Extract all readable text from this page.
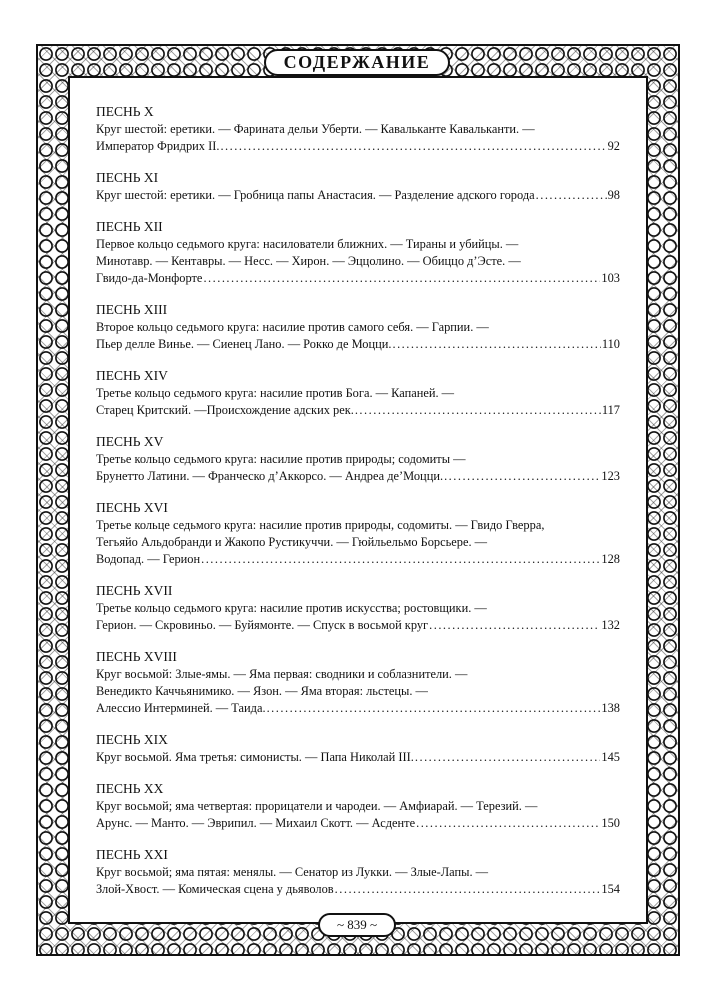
СОДЕРЖАНИЕ
ПЕСНЬ X
Круг шестой: еретики. — Фарината дельи Уберти. — Кавальканте Кавальканти. —
Император Фридрих II. .....	92
ПЕСНЬ XI
Круг шестой: еретики. — Гробница папы Анастасия. — Разделение адского города .....	98
ПЕСНЬ XII
Первое кольцо седьмого круга: насилователи ближних. — Тираны и убийцы. —
Минотавр. — Кентавры. — Несс. — Хирон. — Эццолино. — Обиццо д’Эсте. —
Гвидо-да-Монфорте .....	103
ПЕСНЬ XIII
Второе кольцо седьмого круга: насилие против самого себя. — Гарпии. —
Пьер делле Винье. — Сиенец Лано. — Рокко де Моцци. .....	110
ПЕСНЬ XIV
Третье кольцо седьмого круга: насилие против Бога. — Капаней. —
Старец Критский. —Происхождение адских рек. .....	117
ПЕСНЬ XV
Третье кольцо седьмого круга: насилие против природы; содомиты —
Брунетто Латини. — Франческо д’Аккорсо. — Андреа де’Моцци. .....	123
ПЕСНЬ XVI
Третье кольце седьмого круга: насилие против природы, содомиты. — Гвидо Гверра,
Тегьяйо Альдобранди и Жакопо Рустикуччи. — Гюйльельмо Борсьере. —
Водопад. — Герион .....	128
ПЕСНЬ XVII
Третье кольцо седьмого круга: насилие против искусства; ростовщики. —
Герион. — Скровиньо. — Буйямонте. — Спуск в восьмой круг .....	132
ПЕСНЬ XVIII
Круг восьмой: Злые-ямы. — Яма первая: сводники и соблазнители. —
Венедикто Каччьянимико. — Язон. — Яма вторая: льстецы. —
Алессио Интерминей. — Таида. .....	138
ПЕСНЬ XIX
Круг восьмой. Яма третья: симонисты. — Папа Николай III. .....	145
ПЕСНЬ XX
Круг восьмой; яма четвертая: прорицатели и чародеи. — Амфиарай. — Терезий. —
Арунс. — Манто. — Эврипил. — Михаил Скотт. — Асденте .....	150
ПЕСНЬ XXI
Круг восьмой; яма пятая: менялы. — Сенатор из Лукки. — Злые-Лапы. —
Злой-Хвост. — Комическая сцена у дьяволов .....	154
~ 839 ~
